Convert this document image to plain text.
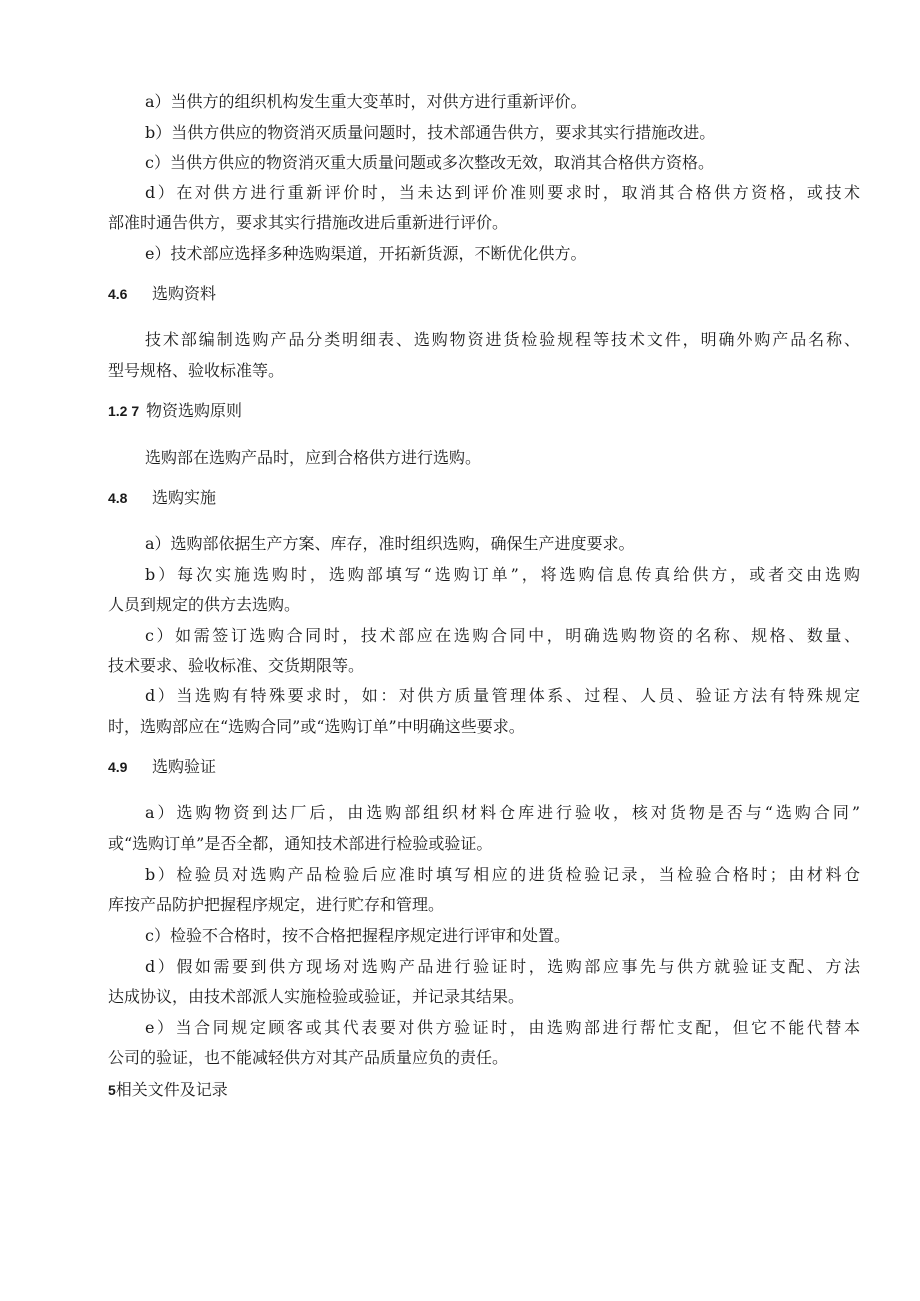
a）当供方的组织机构发生重大变革时，对供方进行重新评价。
b）当供方供应的物资消灭质量问题时，技术部通告供方，要求其实行措施改进。
c）当供方供应的物资消灭重大质量问题或多次整改无效，取消其合格供方资格。
d）在对供方进行重新评价时，当未达到评价准则要求时，取消其合格供方资格，或技术
部准时通告供方，要求其实行措施改进后重新进行评价。
e）技术部应选择多种选购渠道，开拓新货源，不断优化供方。
4.6 选购资料
技术部编制选购产品分类明细表、选购物资进货检验规程等技术文件，明确外购产品名称、
型号规格、验收标准等。
1.2 7 物资选购原则
选购部在选购产品时，应到合格供方进行选购。
4.8 选购实施
a）选购部依据生产方案、库存，准时组织选购，确保生产进度要求。
b）每次实施选购时，选购部填写“选购订单”，将选购信息传真给供方，或者交由选购
人员到规定的供方去选购。
c）如需签订选购合同时，技术部应在选购合同中，明确选购物资的名称、规格、数量、
技术要求、验收标准、交货期限等。
d）当选购有特殊要求时，如：对供方质量管理体系、过程、人员、验证方法有特殊规定
时，选购部应在“选购合同”或“选购订单”中明确这些要求。
4.9 选购验证
a）选购物资到达厂后，由选购部组织材料仓库进行验收，核对货物是否与“选购合同”
或“选购订单”是否全都，通知技术部进行检验或验证。
b）检验员对选购产品检验后应准时填写相应的进货检验记录，当检验合格时；由材料仓
库按产品防护把握程序规定，进行贮存和管理。
c）检验不合格时，按不合格把握程序规定进行评审和处置。
d）假如需要到供方现场对选购产品进行验证时，选购部应事先与供方就验证支配、方法
达成协议，由技术部派人实施检验或验证，并记录其结果。
e）当合同规定顾客或其代表要对供方验证时，由选购部进行帮忙支配，但它不能代替本
公司的验证，也不能减轻供方对其产品质量应负的责任。
5相关文件及记录
